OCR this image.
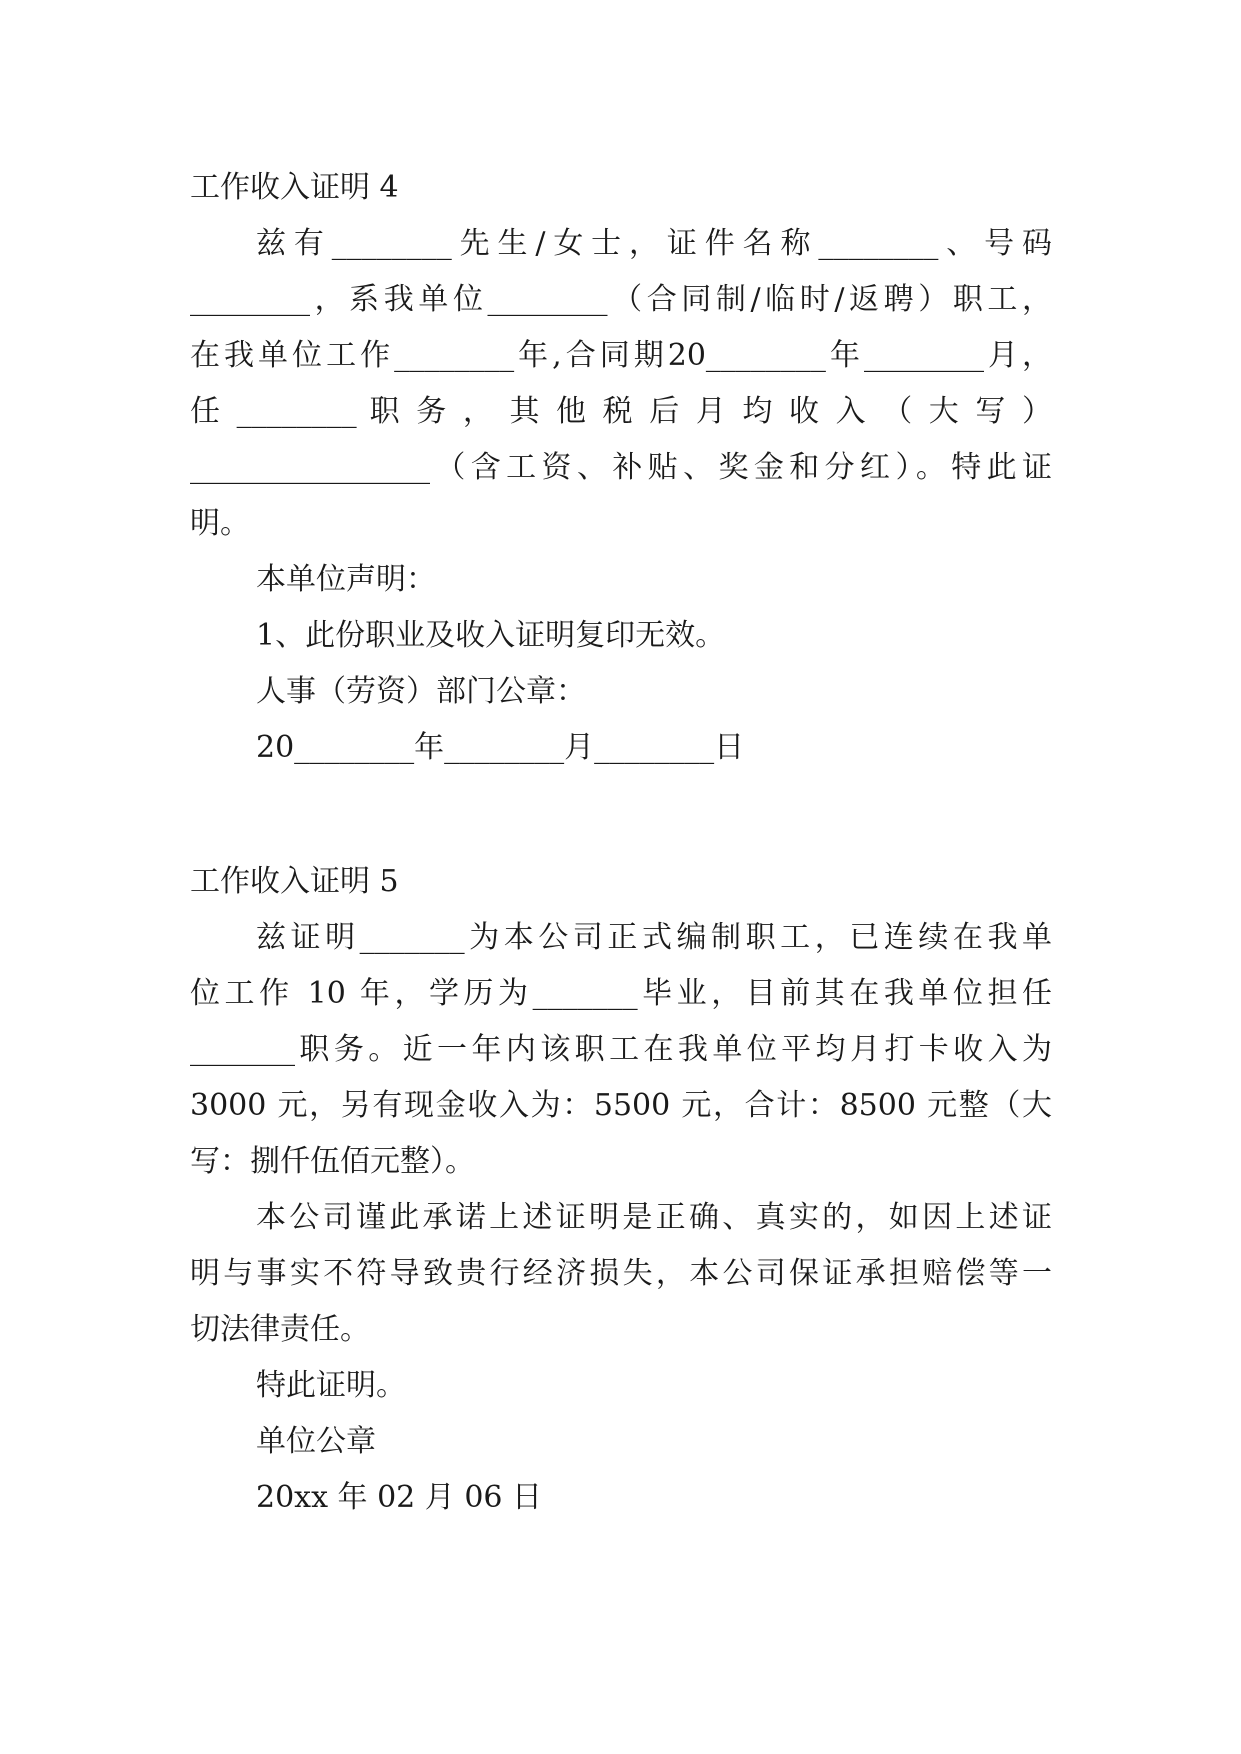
工作收入证明 4
兹有________先生/女士，证件名称________、号码
________，系我单位________（合同制/临时/返聘）职工，
在我单位工作________年,合同期20________年________月，
任 ________ 职 务 ， 其 他 税 后 月 均 收 入 （ 大 写 ）
________________（含工资、补贴、奖金和分红）。特此证
明。
本单位声明：
1、此份职业及收入证明复印无效。
人事（劳资）部门公章：
20________年________月________日
工作收入证明 5
兹证明_______为本公司正式编制职工，已连续在我单
位工作 10 年，学历为_______毕业，目前其在我单位担任
_______职务。近一年内该职工在我单位平均月打卡收入为
3000 元，另有现金收入为：5500 元，合计：8500 元整（大
写：捌仟伍佰元整）。
本公司谨此承诺上述证明是正确、真实的，如因上述证
明与事实不符导致贵行经济损失，本公司保证承担赔偿等一
切法律责任。
特此证明。
单位公章
20xx 年 02 月 06 日
